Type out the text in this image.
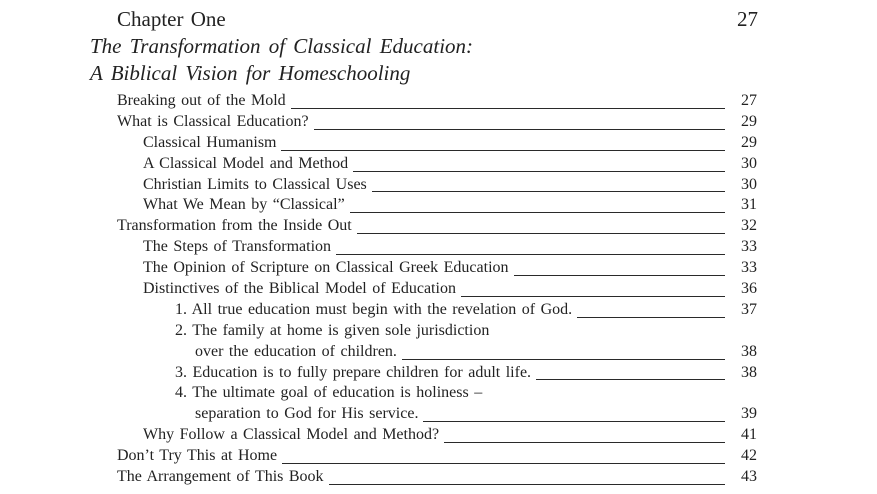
Chapter One	27
The Transformation of Classical Education:
A Biblical Vision for Homeschooling
Breaking out of the Mold	27
What is Classical Education?	29
Classical Humanism	29
A Classical Model and Method	30
Christian Limits to Classical Uses	30
What We Mean by “Classical”	31
Transformation from the Inside Out	32
The Steps of Transformation	33
The Opinion of Scripture on Classical Greek Education	33
Distinctives of the Biblical Model of Education	36
1. All true education must begin with the revelation of God.	37
2. The family at home is given sole jurisdiction
over the education of children.	38
3. Education is to fully prepare children for adult life.	38
4. The ultimate goal of education is holiness –
separation to God for His service.	39
Why Follow a Classical Model and Method?	41
Don’t Try This at Home	42
The Arrangement of This Book	43
